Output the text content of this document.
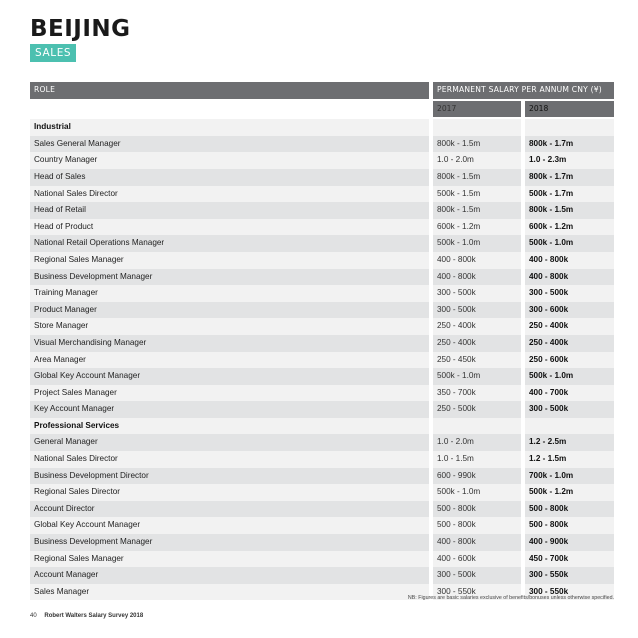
BEIJING
SALES
ROLE	PERMANENT SALARY PER ANNUM CNY (¥)
2017	2018
Industrial
Sales General Manager	800k - 1.5m	800k - 1.7m
Country Manager	1.0 - 2.0m	1.0 - 2.3m
Head of Sales	800k - 1.5m	800k - 1.7m
National Sales Director	500k - 1.5m	500k - 1.7m
Head of Retail	800k - 1.5m	800k - 1.5m
Head of Product	600k - 1.2m	600k - 1.2m
National Retail Operations Manager	500k - 1.0m	500k - 1.0m
Regional Sales Manager	400 - 800k	400 - 800k
Business Development Manager	400 - 800k	400 - 800k
Training Manager	300 - 500k	300 - 500k
Product Manager	300 - 500k	300 - 600k
Store Manager	250 - 400k	250 - 400k
Visual Merchandising Manager	250 - 400k	250 - 400k
Area Manager	250 - 450k	250 - 600k
Global Key Account Manager	500k - 1.0m	500k - 1.0m
Project Sales Manager	350 - 700k	400 - 700k
Key Account Manager	250 - 500k	300 - 500k
Professional Services
General Manager	1.0 - 2.0m	1.2 - 2.5m
National Sales Director	1.0 - 1.5m	1.2 - 1.5m
Business Development Director	600 - 990k	700k - 1.0m
Regional Sales Director	500k - 1.0m	500k - 1.2m
Account Director	500 - 800k	500 - 800k
Global Key Account Manager	500 - 800k	500 - 800k
Business Development Manager	400 - 800k	400 - 900k
Regional Sales Manager	400 - 600k	450 - 700k
Account Manager	300 - 500k	300 - 550k
Sales Manager	300 - 550k	300 - 550k
NB: Figures are basic salaries exclusive of benefits/bonuses unless otherwise specified.
40 Robert Walters Salary Survey 2018
